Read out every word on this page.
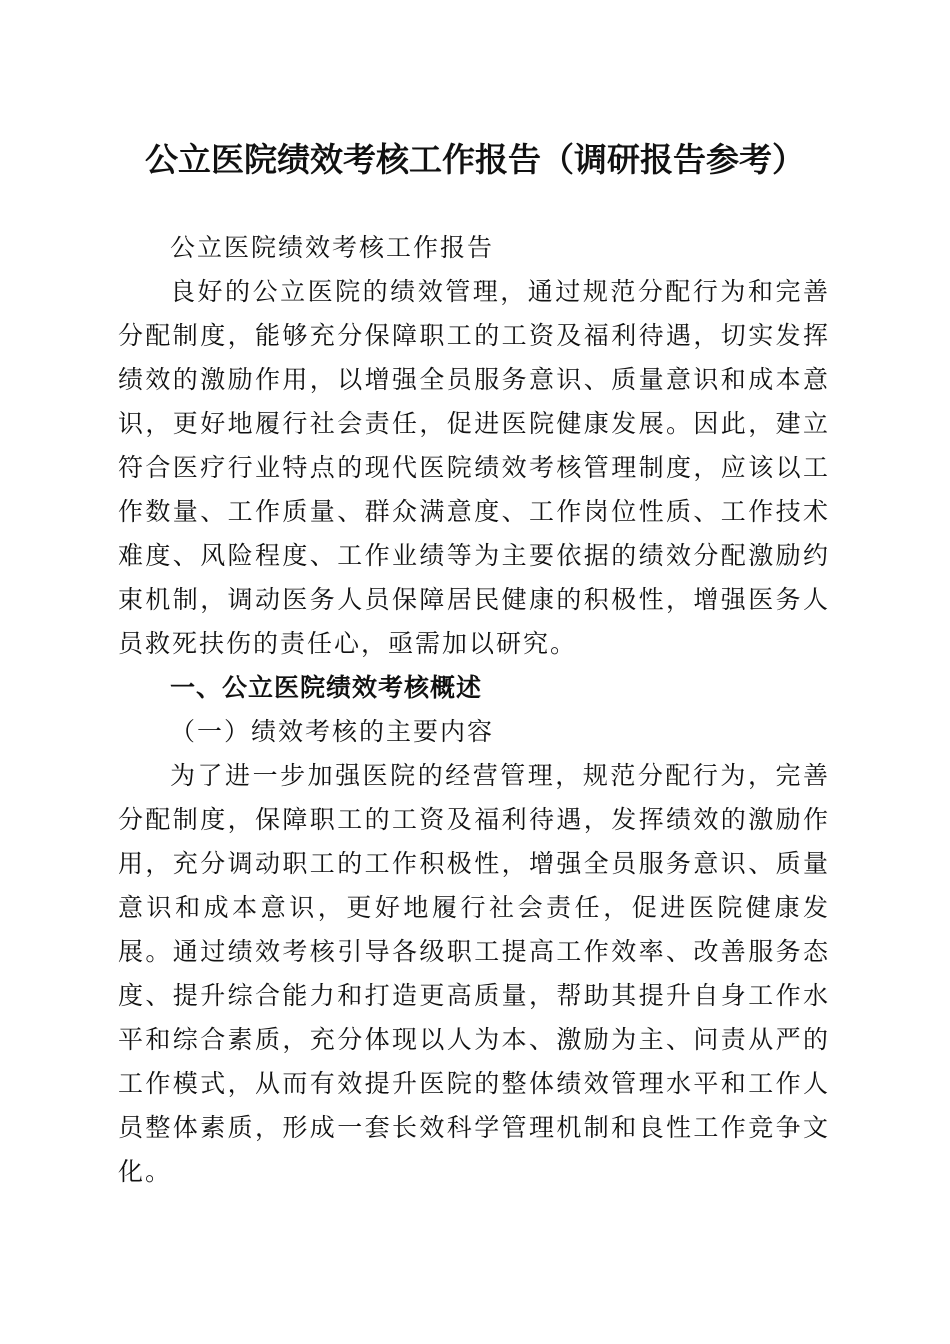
公立医院绩效考核工作报告（调研报告参考）

公立医院绩效考核工作报告

良好的公立医院的绩效管理，通过规范分配行为和完善分配制度，能够充分保障职工的工资及福利待遇，切实发挥绩效的激励作用，以增强全员服务意识、质量意识和成本意识，更好地履行社会责任，促进医院健康发展。因此，建立符合医疗行业特点的现代医院绩效考核管理制度，应该以工作数量、工作质量、群众满意度、工作岗位性质、工作技术难度、风险程度、工作业绩等为主要依据的绩效分配激励约束机制，调动医务人员保障居民健康的积极性，增强医务人员救死扶伤的责任心，亟需加以研究。

一、公立医院绩效考核概述

（一）绩效考核的主要内容

为了进一步加强医院的经营管理，规范分配行为，完善分配制度，保障职工的工资及福利待遇，发挥绩效的激励作用，充分调动职工的工作积极性，增强全员服务意识、质量意识和成本意识，更好地履行社会责任，促进医院健康发展。通过绩效考核引导各级职工提高工作效率、改善服务态度、提升综合能力和打造更高质量，帮助其提升自身工作水平和综合素质，充分体现以人为本、激励为主、问责从严的工作模式，从而有效提升医院的整体绩效管理水平和工作人员整体素质，形成一套长效科学管理机制和良性工作竞争文化。
